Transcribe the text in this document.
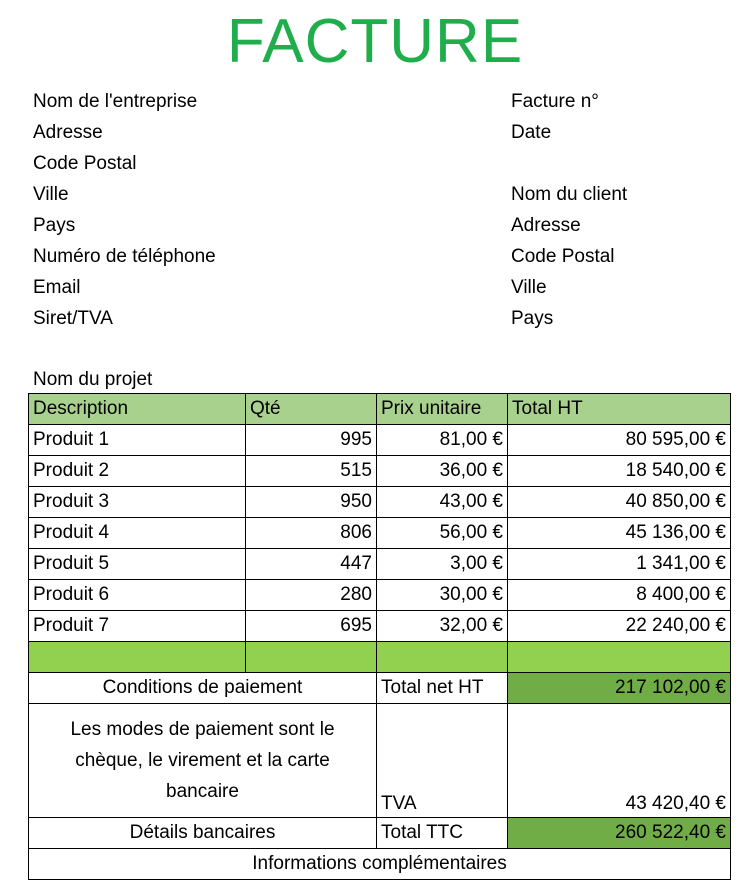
FACTURE
Nom de l'entreprise
Adresse
Code Postal
Ville
Pays
Numéro de téléphone
Email
Siret/TVA
Facture n°
Date
Nom du client
Adresse
Code Postal
Ville
Pays
Nom du projet
Description	Qté	Prix unitaire	Total HT
Produit 1	995	81,00 €	80 595,00 €
Produit 2	515	36,00 €	18 540,00 €
Produit 3	950	43,00 €	40 850,00 €
Produit 4	806	56,00 €	45 136,00 €
Produit 5	447	3,00 €	1 341,00 €
Produit 6	280	30,00 €	8 400,00 €
Produit 7	695	32,00 €	22 240,00 €

Conditions de paiement		Total net HT	217 102,00 €
Les modes de paiement sont le chèque, le virement et la carte bancaire		TVA	43 420,40 €
Détails bancaires		Total TTC	260 522,40 €
Informations complémentaires			
